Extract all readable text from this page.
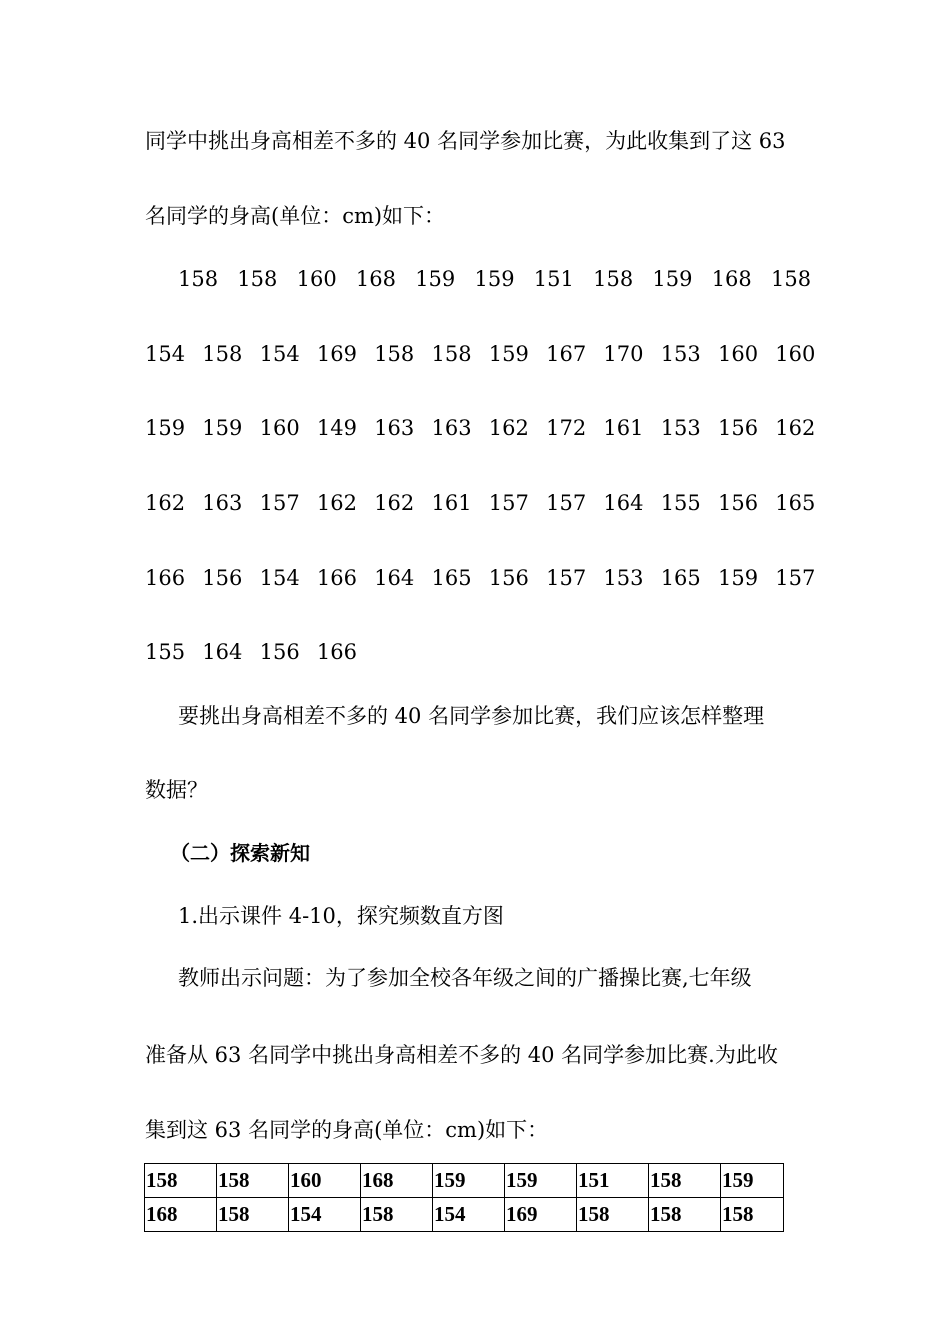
同学中挑出身高相差不多的 40 名同学参加比赛，为此收集到了这 63
名同学的身高(单位：cm)如下：
158 158 160 168 159 159 151 158 159 168 158
154 158 154 169 158 158 159 167 170 153 160 160
159 159 160 149 163 163 162 172 161 153 156 162
162 163 157 162 162 161 157 157 164 155 156 165
166 156 154 166 164 165 156 157 153 165 159 157
155 164 156 166
要挑出身高相差不多的 40 名同学参加比赛，我们应该怎样整理
数据？
（二）探索新知
1.出示课件 4-10，探究频数直方图
教师出示问题：为了参加全校各年级之间的广播操比赛,七年级
准备从 63 名同学中挑出身高相差不多的 40 名同学参加比赛.为此收
集到这 63 名同学的身高(单位：cm)如下：
158	158	160	168	159	159	151	158	159
168	158	154	158	154	169	158	158	158
